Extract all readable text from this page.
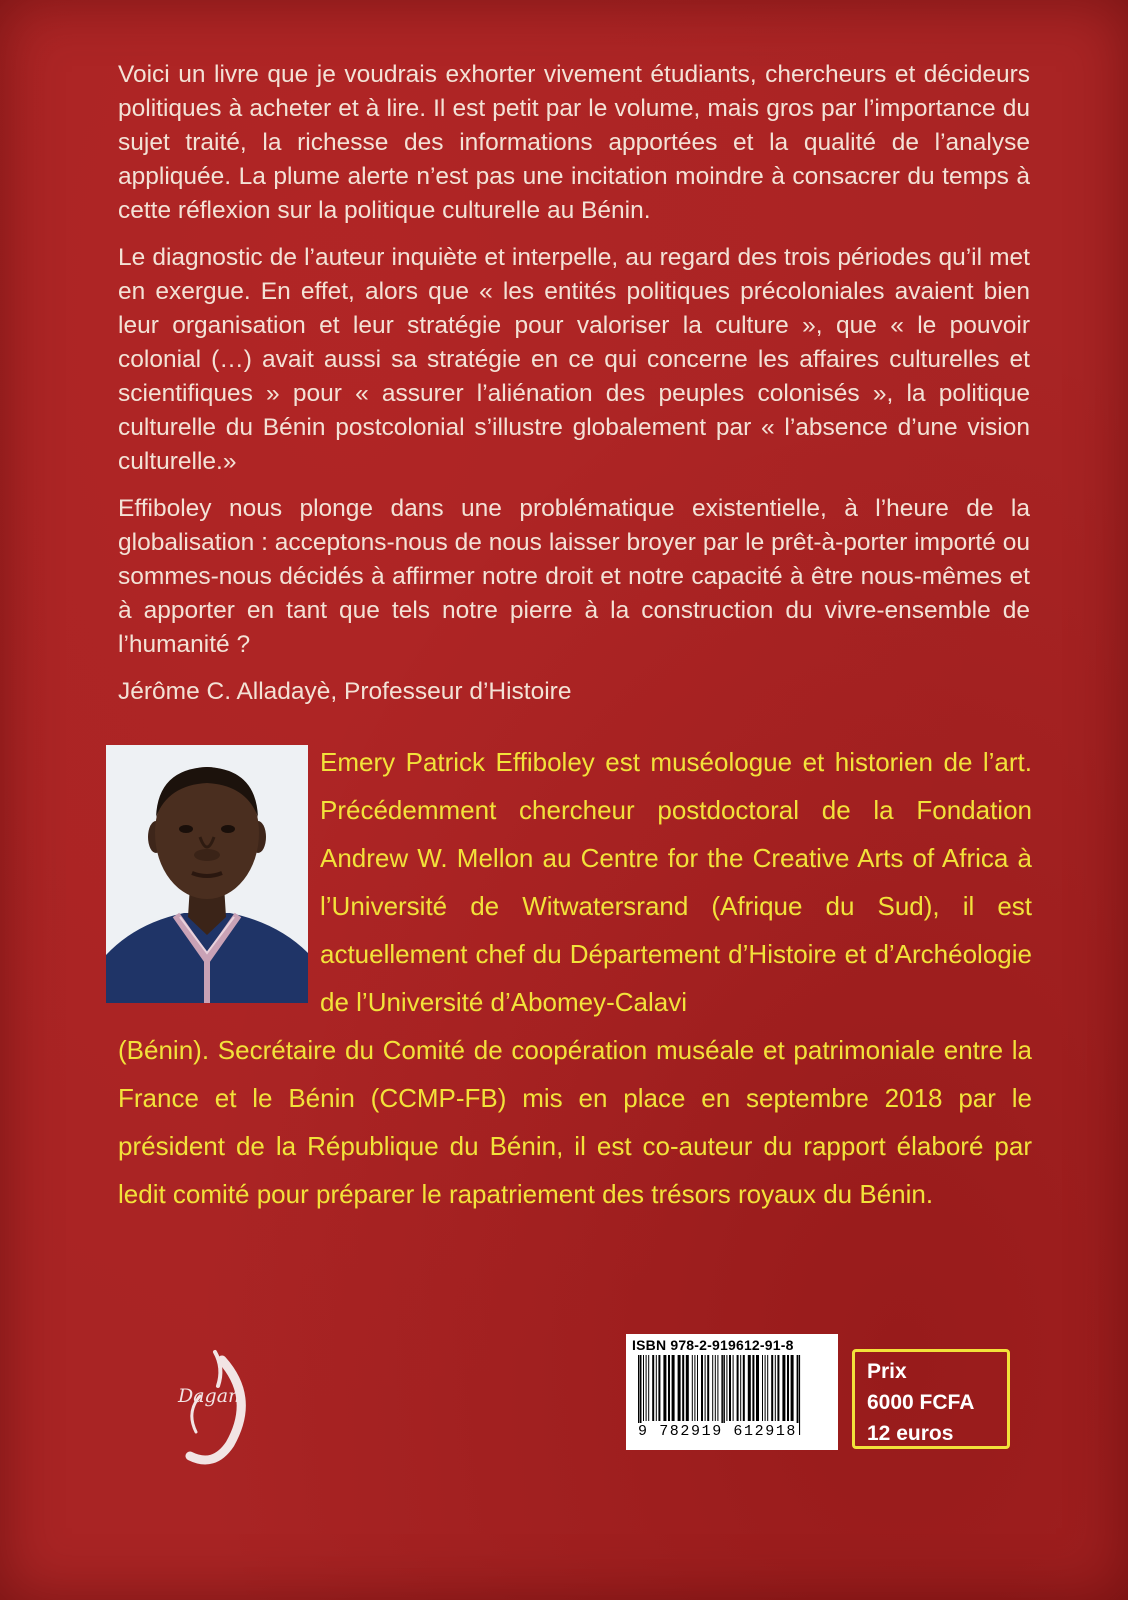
Voici un livre que je voudrais exhorter vivement étudiants, chercheurs et décideurs politiques à acheter et à lire. Il est petit par le volume, mais gros par l’importance du sujet traité, la richesse des informations apportées et la qualité de l’analyse appliquée. La plume alerte n’est pas une incitation moindre à consacrer du temps à cette réflexion sur la politique culturelle au Bénin.

Le diagnostic de l’auteur inquiète et interpelle, au regard des trois périodes qu’il met en exergue. En effet, alors que « les entités politiques précoloniales avaient bien leur organisation et leur stratégie pour valoriser la culture », que « le pouvoir colonial (…) avait aussi sa stratégie en ce qui concerne les affaires culturelles et scientifiques » pour « assurer l’aliénation des peuples colonisés », la politique culturelle du Bénin postcolonial s’illustre globalement par « l’absence d’une vision culturelle.»

Effiboley nous plonge dans une problématique existentielle, à l’heure de la globalisation : acceptons-nous de nous laisser broyer par le prêt-à-porter importé ou sommes-nous décidés à affirmer notre droit et notre capacité à être nous-mêmes et à apporter en tant que tels notre pierre à la construction du vivre-ensemble de l’humanité ?

Jérôme C. Alladayè, Professeur d’Histoire

Emery Patrick Effiboley est muséologue et historien de l’art. Précédemment chercheur postdoctoral de la Fondation Andrew W. Mellon au Centre for the Creative Arts of Africa à l’Université de Witwatersrand (Afrique du Sud), il est actuellement chef du Département d’Histoire et d’Archéologie de l’Université d’Abomey-Calavi
(Bénin). Secrétaire du Comité de coopération muséale et patrimoniale entre la France et le Bénin (CCMP-FB) mis en place en septembre 2018 par le président de la République du Bénin, il est co-auteur du rapport élaboré par ledit comité pour préparer le rapatriement des trésors royaux du Bénin.
Dagan
ISBN 978-2-919612-91-8
9 782919 612918
Prix
6000 FCFA
12 euros
